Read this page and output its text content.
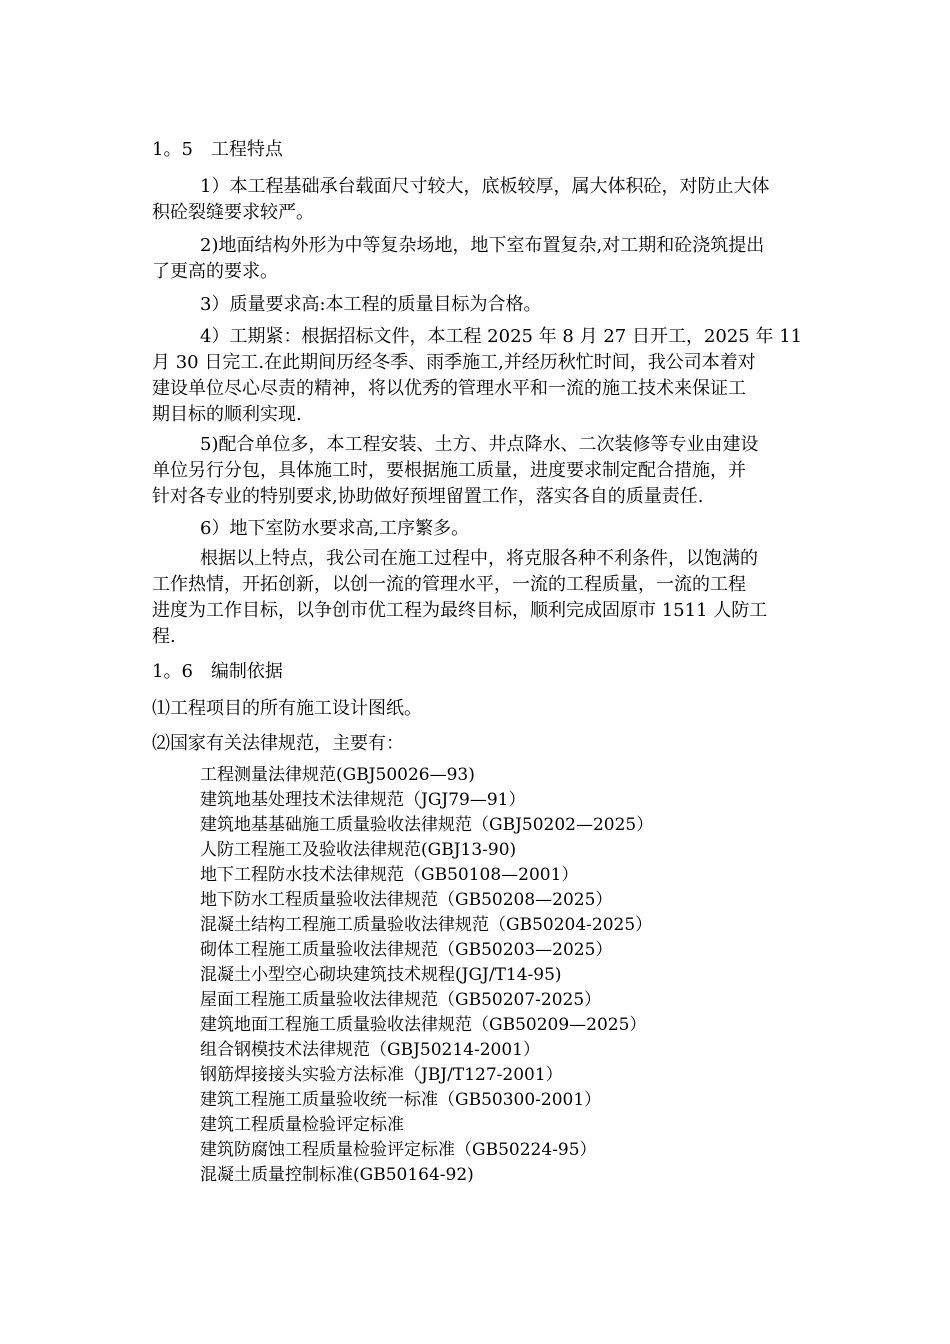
1。5 工程特点
1）本工程基础承台载面尺寸较大，底板较厚，属大体积砼，对防止大体
积砼裂缝要求较严。
2)地面结构外形为中等复杂场地，地下室布置复杂,对工期和砼浇筑提出
了更高的要求。
3）质量要求高:本工程的质量目标为合格。
4）工期紧：根据招标文件，本工程 2025 年 8 月 27 日开工，2025 年 11
月 30 日完工.在此期间历经冬季、雨季施工,并经历秋忙时间，我公司本着对
建设单位尽心尽责的精神，将以优秀的管理水平和一流的施工技术来保证工
期目标的顺利实现.
5)配合单位多，本工程安装、土方、井点降水、二次装修等专业由建设
单位另行分包，具体施工时，要根据施工质量，进度要求制定配合措施，并
针对各专业的特别要求,协助做好预埋留置工作，落实各自的质量责任.
6）地下室防水要求高,工序繁多。
根据以上特点，我公司在施工过程中，将克服各种不利条件，以饱满的
工作热情，开拓创新，以创一流的管理水平，一流的工程质量，一流的工程
进度为工作目标，以争创市优工程为最终目标，顺利完成固原市 1511 人防工
程.
1。6 编制依据
⑴工程项目的所有施工设计图纸。
⑵国家有关法律规范，主要有：
工程测量法律规范(GBJ50026—93)
建筑地基处理技术法律规范（JGJ79—91）
建筑地基基础施工质量验收法律规范（GBJ50202—2025）
人防工程施工及验收法律规范(GBJ13-90)
地下工程防水技术法律规范（GB50108—2001）
地下防水工程质量验收法律规范（GB50208—2025）
混凝土结构工程施工质量验收法律规范（GB50204-2025）
砌体工程施工质量验收法律规范（GB50203—2025）
混凝土小型空心砌块建筑技术规程(JGJ/T14-95)
屋面工程施工质量验收法律规范（GB50207-2025）
建筑地面工程施工质量验收法律规范（GB50209—2025）
组合钢模技术法律规范（GBJ50214-2001）
钢筋焊接接头实验方法标准（JBJ/T127-2001）
建筑工程施工质量验收统一标准（GB50300-2001）
建筑工程质量检验评定标准
建筑防腐蚀工程质量检验评定标准（GB50224-95）
混凝土质量控制标准(GB50164-92)
